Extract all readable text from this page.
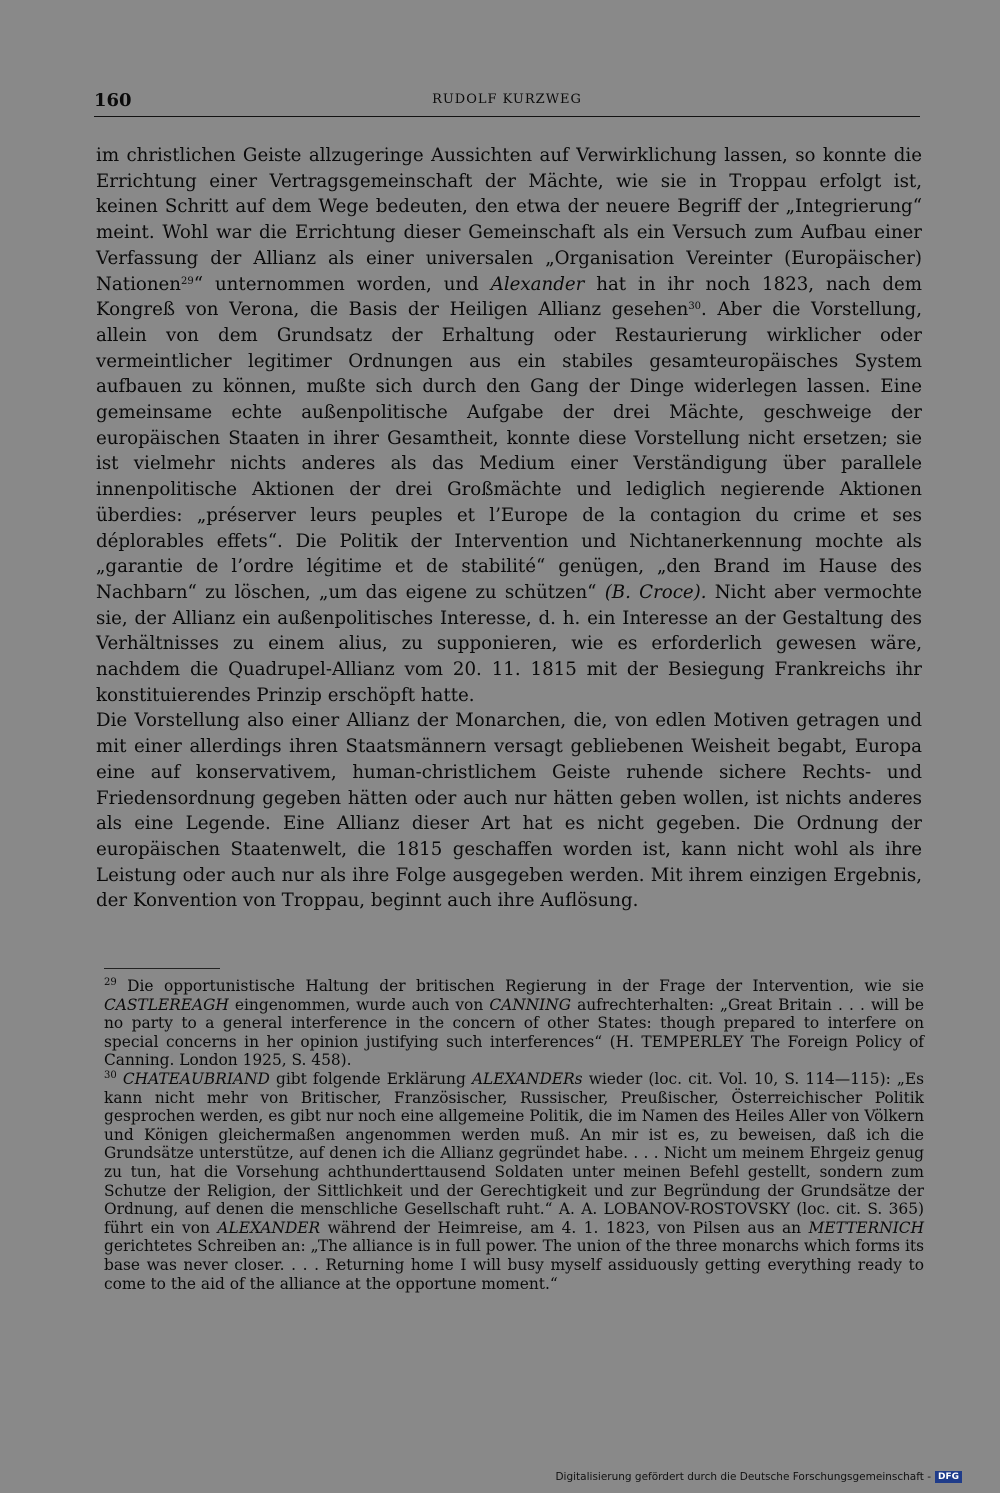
160	RUDOLF KURZWEG

im christlichen Geiste allzugeringe Aussichten auf Verwirklichung lassen, so konnte die Errichtung einer Vertragsgemeinschaft der Mächte, wie sie in Troppau erfolgt ist, keinen Schritt auf dem Wege bedeuten, den etwa der neuere Begriff der „Integrierung“ meint. Wohl war die Errichtung dieser Gemeinschaft als ein Versuch zum Aufbau einer Verfassung der Allianz als einer universalen „Organisation Vereinter (Europäischer) Nationen$^{29}$“ unternommen worden, und Alexander hat in ihr noch 1823, nach dem Kongreß von Verona, die Basis der Heiligen Allianz gesehen$^{30}$. Aber die Vorstellung, allein von dem Grundsatz der Erhaltung oder Restaurierung wirklicher oder vermeintlicher legitimer Ordnungen aus ein stabiles gesamteuropäisches System aufbauen zu können, mußte sich durch den Gang der Dinge widerlegen lassen. Eine gemeinsame echte außenpolitische Aufgabe der drei Mächte, geschweige der europäischen Staaten in ihrer Gesamtheit, konnte diese Vorstellung nicht ersetzen; sie ist vielmehr nichts anderes als das Medium einer Verständigung über parallele innenpolitische Aktionen der drei Großmächte und lediglich negierende Aktionen überdies: „préserver leurs peuples et l’Europe de la contagion du crime et ses déplorables effets“. Die Politik der Intervention und Nichtanerkennung mochte als „garantie de l’ordre légitime et de stabilité“ genügen, „den Brand im Hause des Nachbarn“ zu löschen, „um das eigene zu schützen“ (B. Croce). Nicht aber vermochte sie, der Allianz ein außenpolitisches Interesse, d. h. ein Interesse an der Gestaltung des Verhältnisses zu einem alius, zu supponieren, wie es erforderlich gewesen wäre, nachdem die Quadrupel-Allianz vom 20. 11. 1815 mit der Besiegung Frankreichs ihr konstituierendes Prinzip erschöpft hatte.

Die Vorstellung also einer Allianz der Monarchen, die, von edlen Motiven getragen und mit einer allerdings ihren Staatsmännern versagt gebliebenen Weisheit begabt, Europa eine auf konservativem, human-christlichem Geiste ruhende sichere Rechts- und Friedensordnung gegeben hätten oder auch nur hätten geben wollen, ist nichts anderes als eine Legende. Eine Allianz dieser Art hat es nicht gegeben. Die Ordnung der europäischen Staatenwelt, die 1815 geschaffen worden ist, kann nicht wohl als ihre Leistung oder auch nur als ihre Folge ausgegeben werden. Mit ihrem einzigen Ergebnis, der Konvention von Troppau, beginnt auch ihre Auflösung.

$^{29}$ Die opportunistische Haltung der britischen Regierung in der Frage der Intervention, wie sie CASTLEREAGH eingenommen, wurde auch von CANNING aufrechterhalten: „Great Britain . . . will be no party to a general interference in the concern of other States: though prepared to interfere on special concerns in her opinion justifying such interferences“ (H. TEMPERLEY The Foreign Policy of Canning. London 1925, S. 458).

$^{30}$ CHATEAUBRIAND gibt folgende Erklärung ALEXANDERs wieder (loc. cit. Vol. 10, S. 114—115): „Es kann nicht mehr von Britischer, Französischer, Russischer, Preußischer, Österreichischer Politik gesprochen werden, es gibt nur noch eine allgemeine Politik, die im Namen des Heiles Aller von Völkern und Königen gleichermaßen angenommen werden muß. An mir ist es, zu beweisen, daß ich die Grundsätze unterstütze, auf denen ich die Allianz gegründet habe. . . . Nicht um meinem Ehrgeiz genug zu tun, hat die Vorsehung achthunderttausend Soldaten unter meinen Befehl gestellt, sondern zum Schutze der Religion, der Sittlichkeit und der Gerechtigkeit und zur Begründung der Grundsätze der Ordnung, auf denen die menschliche Gesellschaft ruht.“ A. A. LOBANOV-ROSTOVSKY (loc. cit. S. 365) führt ein von ALEXANDER während der Heimreise, am 4. 1. 1823, von Pilsen aus an METTERNICH gerichtetes Schreiben an: „The alliance is in full power. The union of the three monarchs which forms its base was never closer. . . . Returning home I will busy myself assiduously getting everything ready to come to the aid of the alliance at the opportune moment.“

Digitalisierung gefördert durch die Deutsche Forschungsgemeinschaft - DFG
